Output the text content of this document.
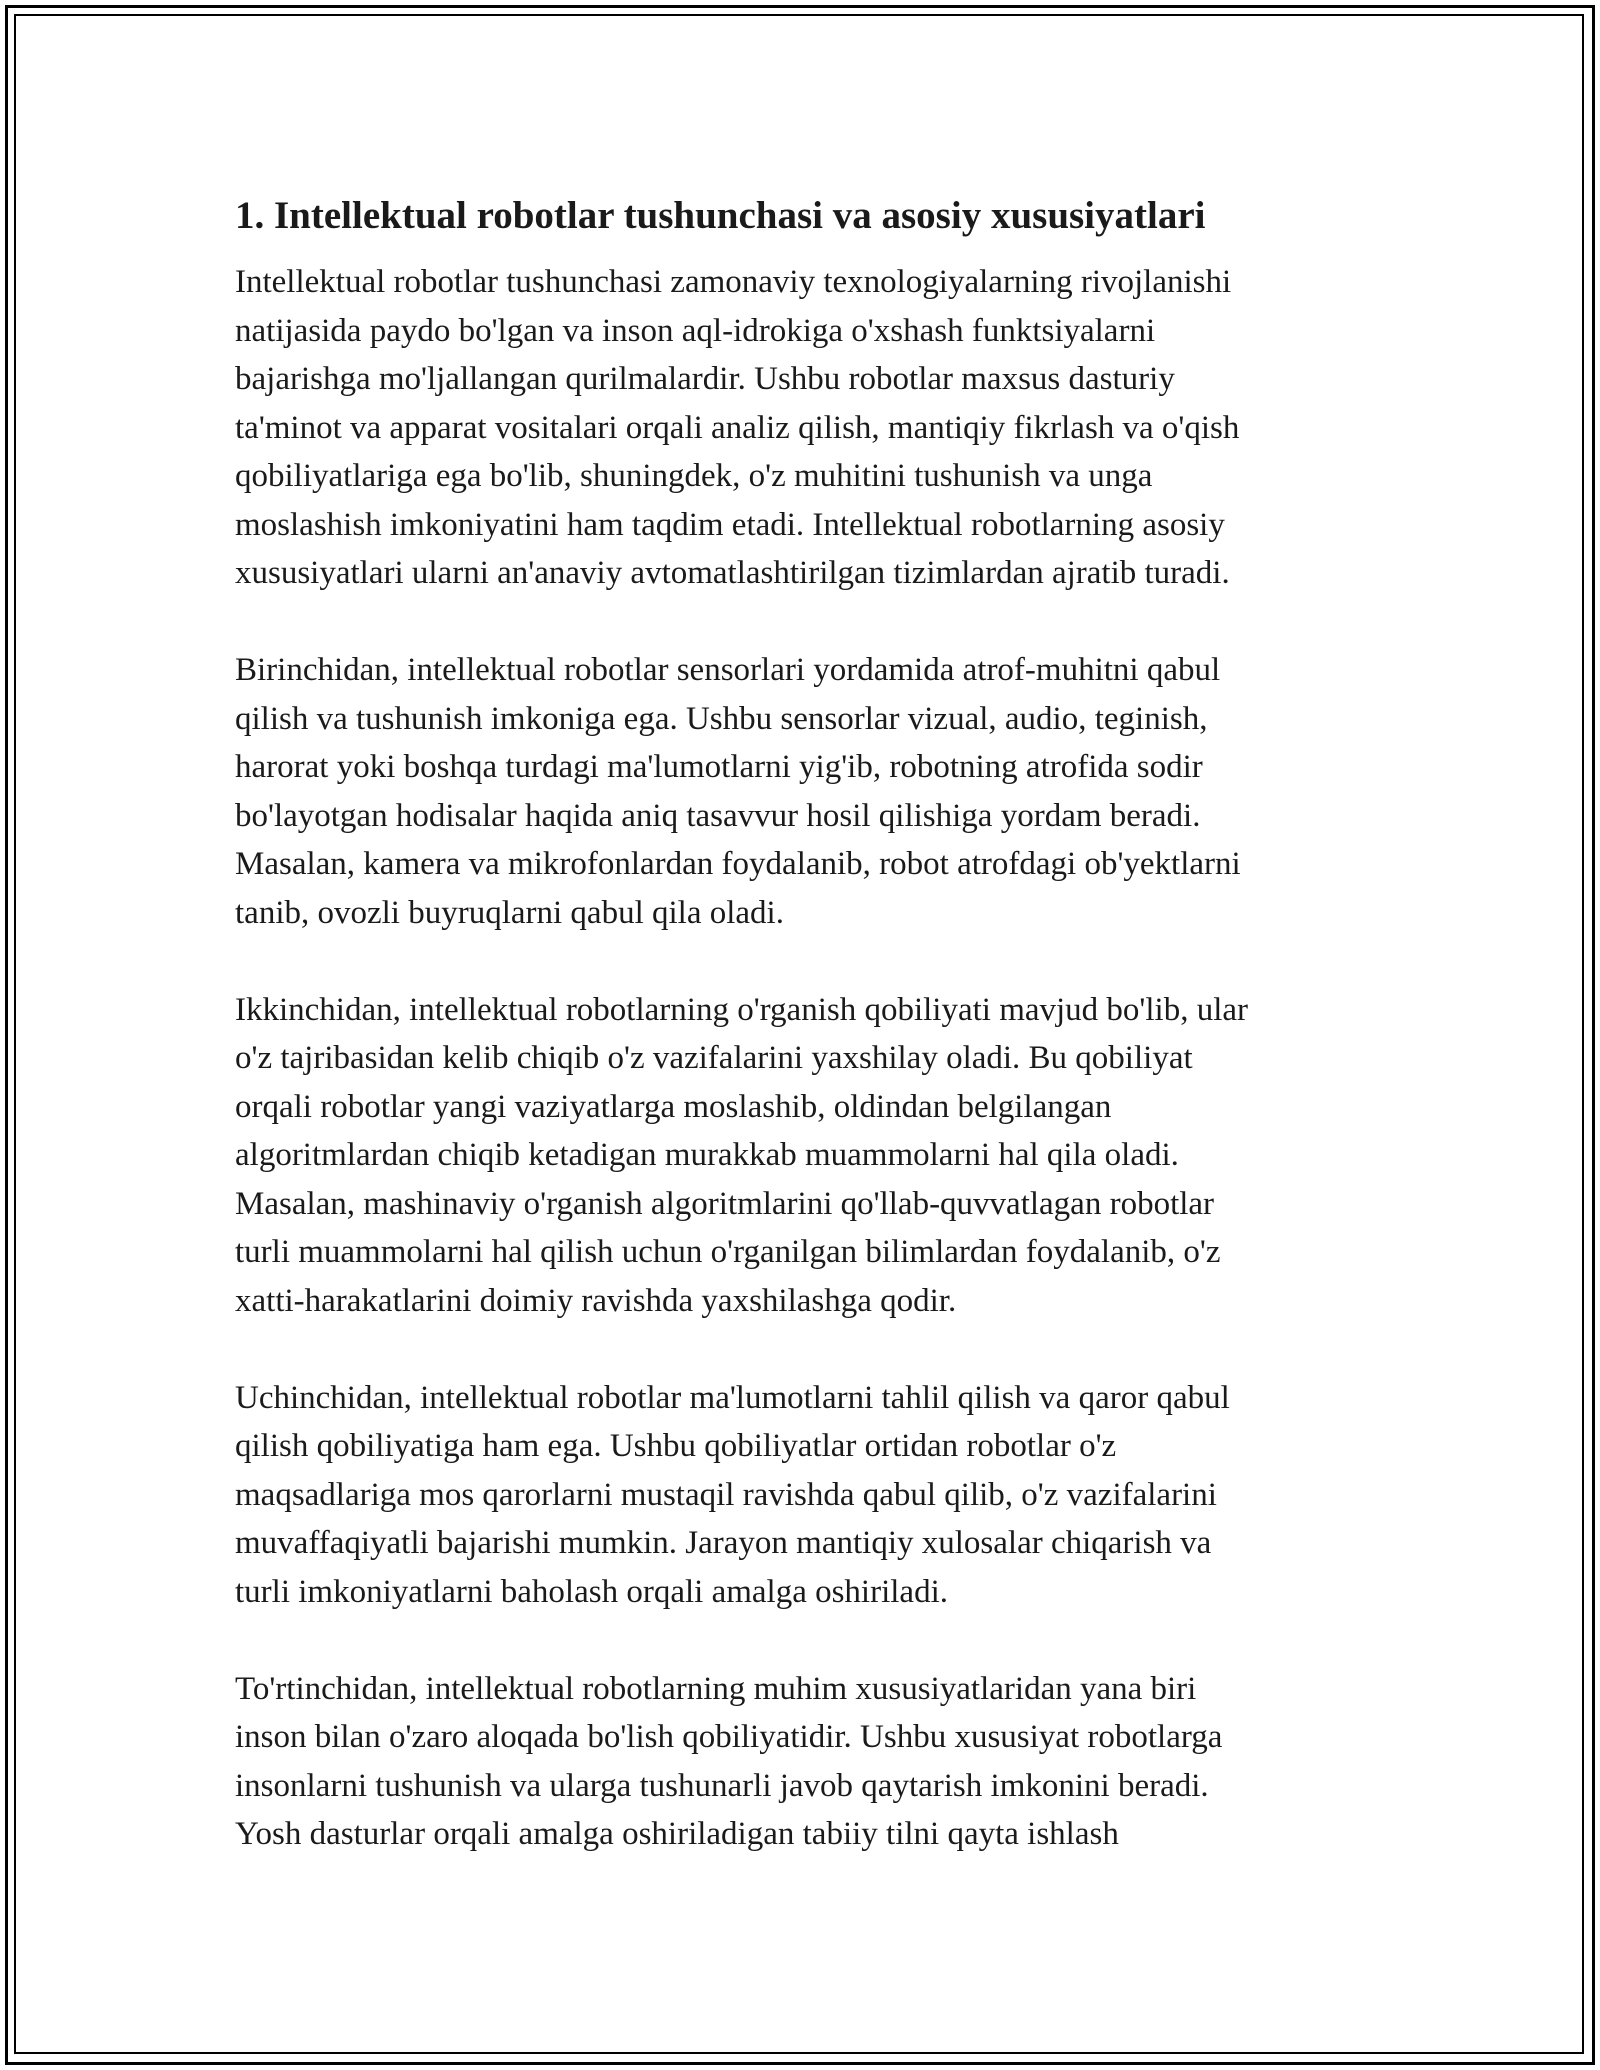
1. Intellektual robotlar tushunchasi va asosiy xususiyatlari
Intellektual robotlar tushunchasi zamonaviy texnologiyalarning rivojlanishi
natijasida paydo bo'lgan va inson aql-idrokiga o'xshash funktsiyalarni
bajarishga mo'ljallangan qurilmalardir. Ushbu robotlar maxsus dasturiy
ta'minot va apparat vositalari orqali analiz qilish, mantiqiy fikrlash va o'qish
qobiliyatlariga ega bo'lib, shuningdek, o'z muhitini tushunish va unga
moslashish imkoniyatini ham taqdim etadi. Intellektual robotlarning asosiy
xususiyatlari ularni an'anaviy avtomatlashtirilgan tizimlardan ajratib turadi.
Birinchidan, intellektual robotlar sensorlari yordamida atrof-muhitni qabul
qilish va tushunish imkoniga ega. Ushbu sensorlar vizual, audio, teginish,
harorat yoki boshqa turdagi ma'lumotlarni yig'ib, robotning atrofida sodir
bo'layotgan hodisalar haqida aniq tasavvur hosil qilishiga yordam beradi.
Masalan, kamera va mikrofonlardan foydalanib, robot atrofdagi ob'yektlarni
tanib, ovozli buyruqlarni qabul qila oladi.
Ikkinchidan, intellektual robotlarning o'rganish qobiliyati mavjud bo'lib, ular
o'z tajribasidan kelib chiqib o'z vazifalarini yaxshilay oladi. Bu qobiliyat
orqali robotlar yangi vaziyatlarga moslashib, oldindan belgilangan
algoritmlardan chiqib ketadigan murakkab muammolarni hal qila oladi.
Masalan, mashinaviy o'rganish algoritmlarini qo'llab-quvvatlagan robotlar
turli muammolarni hal qilish uchun o'rganilgan bilimlardan foydalanib, o'z
xatti-harakatlarini doimiy ravishda yaxshilashga qodir.
Uchinchidan, intellektual robotlar ma'lumotlarni tahlil qilish va qaror qabul
qilish qobiliyatiga ham ega. Ushbu qobiliyatlar ortidan robotlar o'z
maqsadlariga mos qarorlarni mustaqil ravishda qabul qilib, o'z vazifalarini
muvaffaqiyatli bajarishi mumkin. Jarayon mantiqiy xulosalar chiqarish va
turli imkoniyatlarni baholash orqali amalga oshiriladi.
To'rtinchidan, intellektual robotlarning muhim xususiyatlaridan yana biri
inson bilan o'zaro aloqada bo'lish qobiliyatidir. Ushbu xususiyat robotlarga
insonlarni tushunish va ularga tushunarli javob qaytarish imkonini beradi.
Yosh dasturlar orqali amalga oshiriladigan tabiiy tilni qayta ishlash
